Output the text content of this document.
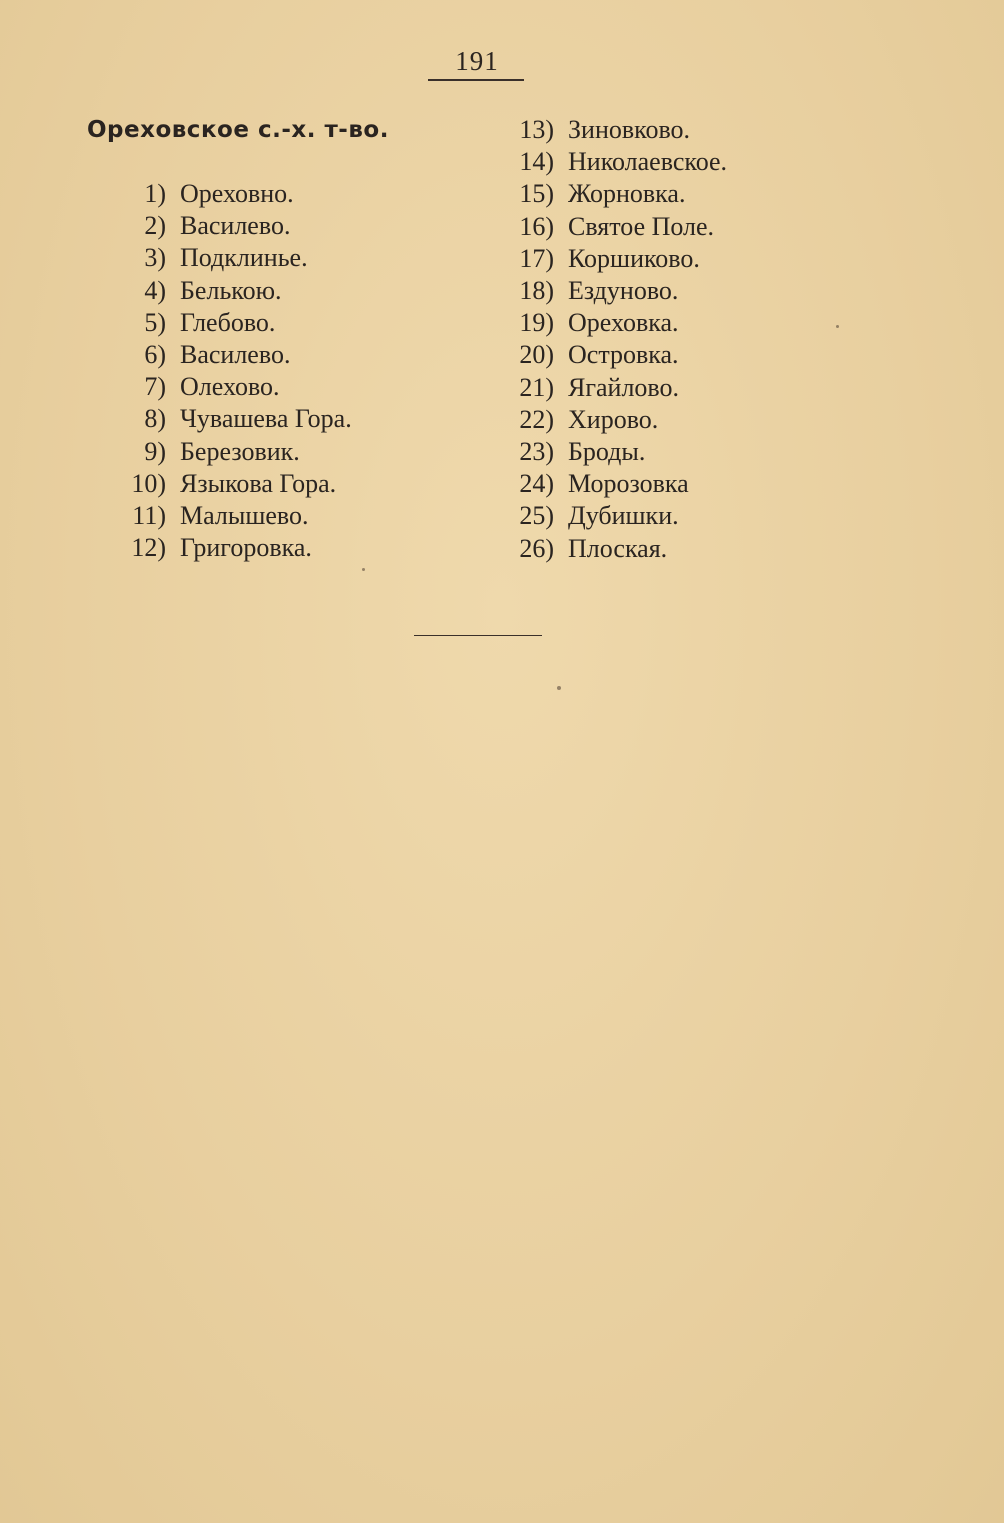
191
Ореховское с.-х. т-во.
1) Ореховно.
2) Василево.
3) Подклинье.
4) Белькою.
5) Глебово.
6) Василево.
7) Олехово.
8) Чувашева Гора.
9) Березовик.
10) Языкова Гора.
11) Малышево.
12) Григоровка.
13) Зиновково.
14) Николаевское.
15) Жорновка.
16) Святое Поле.
17) Коршиково.
18) Ездуново.
19) Ореховка.
20) Островка.
21) Ягайлово.
22) Хирово.
23) Броды.
24) Морозовка
25) Дубишки.
26) Плоская.
